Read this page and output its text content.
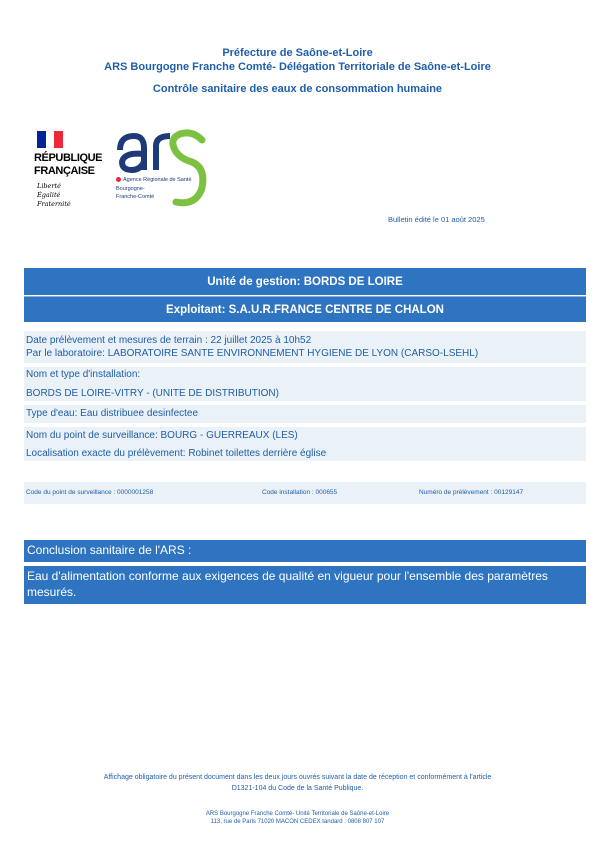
Préfecture de Saône-et-Loire
ARS Bourgogne Franche Comté- Délégation Territoriale de Saône-et-Loire
Contrôle sanitaire des eaux de consommation humaine
RÉPUBLIQUE
FRANÇAISE
Liberté
Égalité
Fraternité
Agence Régionale de Santé
Bourgogne-
Franche-Comté
Bulletin édité le 01 août 2025
Unité de gestion: BORDS DE LOIRE
Exploitant: S.A.U.R.FRANCE CENTRE DE CHALON
Date prélèvement et mesures de terrain : 22 juillet 2025 à 10h52
Par le laboratoire: LABORATOIRE SANTE ENVIRONNEMENT HYGIENE DE LYON (CARSO-LSEHL)
Nom et type d'installation:
BORDS DE LOIRE-VITRY - (UNITE DE DISTRIBUTION)
Type d'eau: Eau distribuee desinfectee
Nom du point de surveillance: BOURG - GUERREAUX (LES)
Localisation exacte du prélèvement: Robinet toilettes derrière église
Code du point de surveillance : 0000001258	Code installation : 000655	Numéro de prélèvement : 00129147
Conclusion sanitaire de l'ARS :
Eau d'alimentation conforme aux exigences de qualité en vigueur pour l'ensemble des paramètres mesurés.
Affichage obligatoire du présent document dans les deux jours ouvrés suivant la date de réception et conformément à l'article
D1321-104 du Code de la Santé Publique.
ARS Bourgogne Franche Comté- Unité Territoriale de Saône-et-Loire
113, rue de Paris 71020 MACON CEDEX tandard : 0808 807 107
